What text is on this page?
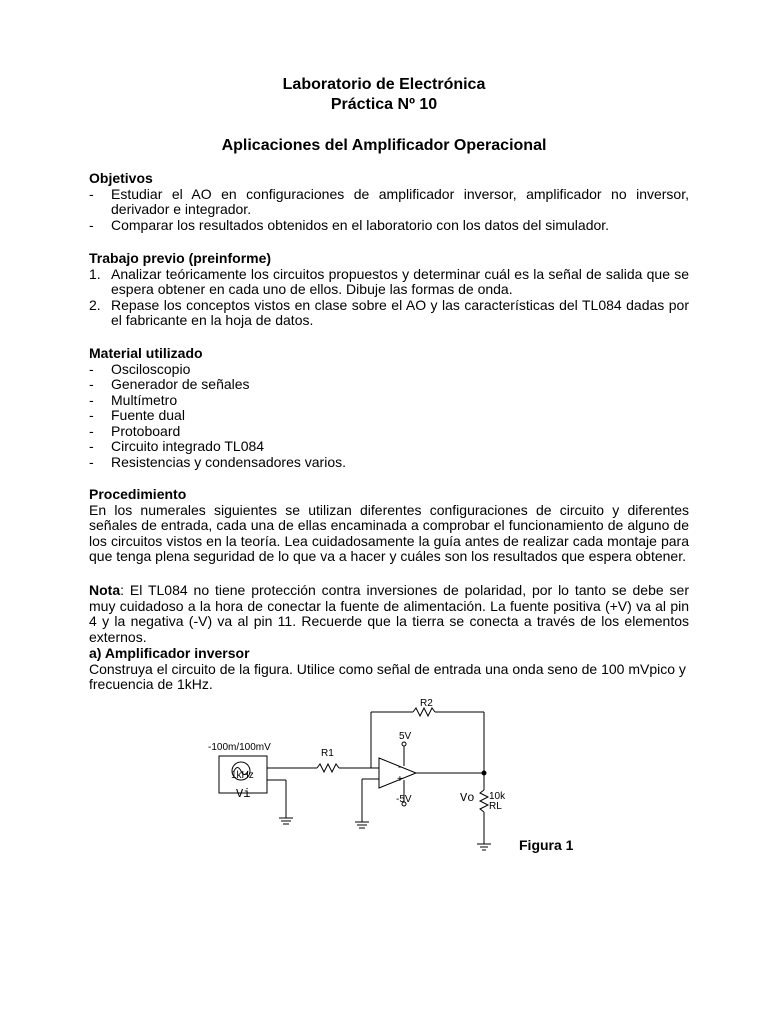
Laboratorio de Electrónica
Práctica Nº 10
Aplicaciones del Amplificador Operacional
Objetivos
- Estudiar el AO en configuraciones de amplificador inversor, amplificador no inversor, derivador e integrador.
- Comparar los resultados obtenidos en el laboratorio con los datos del simulador.
Trabajo previo (preinforme)
1. Analizar teóricamente los circuitos propuestos y determinar cuál es la señal de salida que se espera obtener en cada uno de ellos. Dibuje las formas de onda.
2. Repase los conceptos vistos en clase sobre el AO y las características del TL084 dadas por el fabricante en la hoja de datos.
Material utilizado
- Osciloscopio
- Generador de señales
- Multímetro
- Fuente dual
- Protoboard
- Circuito integrado TL084
- Resistencias y condensadores varios.
Procedimiento
En los numerales siguientes se utilizan diferentes configuraciones de circuito y diferentes señales de entrada, cada una de ellas encaminada a comprobar el funcionamiento de alguno de los circuitos vistos en la teoría. Lea cuidadosamente la guía antes de realizar cada montaje para que tenga plena seguridad de lo que va a hacer y cuáles son los resultados que espera obtener.
Nota: El TL084 no tiene protección contra inversiones de polaridad, por lo tanto se debe ser muy cuidadoso a la hora de conectar la fuente de alimentación. La fuente positiva (+V) va al pin 4 y la negativa (-V) va al pin 11. Recuerde que la tierra se conecta a través de los elementos externos.
a) Amplificador inversor
Construya el circuito de la figura. Utilice como señal de entrada una onda seno de 100 mVpico y frecuencia de 1kHz.
-100m/100mV
1kHz
Vi
R1
R2
5V
-5V
-
+
Vo 10k
RL
Figura 1
